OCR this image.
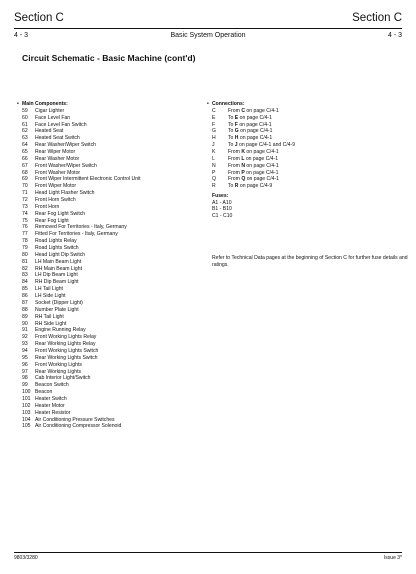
Section C	Section C
4 - 3	Basic System Operation	4 - 3
Circuit Schematic - Basic Machine (cont'd)
• Main Components:
59	Cigar Lighter
60	Face Level Fan
61	Face Level Fan Switch
62	Heated Seat
63	Heated Seat Switch
64	Rear Washer/Wiper Switch
65	Rear Wiper Motor
66	Rear Washer Motor
67	Front Washer/Wiper Switch
68	Front Washer Motor
69	Front Wiper Intermittent Electronic Control Unit
70	Front Wiper Motor
71	Head Light Flasher Switch
72	Front Horn Switch
73	Front Horn
74	Rear Fog Light Switch
75	Rear Fog Light
76	Removed For Territories - Italy, Germany
77	Fitted For Territories - Italy, Germany
78	Road Lights Relay
79	Road Lights Switch
80	Head Light Dip Switch
81	LH Main Beam Light
82	RH Main Beam Light
83	LH Dip Beam Light
84	RH Dip Beam Light
85	LH Tail Light
86	LH Side Light
87	Socket (Dipper Light)
88	Number Plate Light
89	RH Tail Light
90	RH Side Light
91	Engine Running Relay
92	Front Working Lights Relay
93	Rear Working Lights Relay
94	Front Working Lights Switch
95	Rear Working Lights Switch
96	Front Working Lights
97	Rear Working Lights
98	Cab Interior Light/Switch
99	Beacon Switch
100 Beacon
101 Heater Switch
102 Heater Motor
103 Heater Resistor
104 Air Conditioning Pressure Switches
105 Air Conditioning Compressor Solenoid
• Connections:
C	From C on page C/4-1
E	To E on page C/4-1
F	To F on page C/4-1
G	To G on page C/4-1
H	To H on page C/4-1
J	To J on page C/4-1 and C/4-9
K	From K on page C/4-1
L	From L on page C/4-1
N	From N on page C/4-1
P	From P on page C/4-1
Q	From Q on page C/4-1
R	To R on page C/4-9
Fuses:
A1 - A10
B1 - B10
C1 - C10
Refer to Technical Data pages at the beginning of Section C for further fuse details and ratings.
9803/3280	Issue 3*
